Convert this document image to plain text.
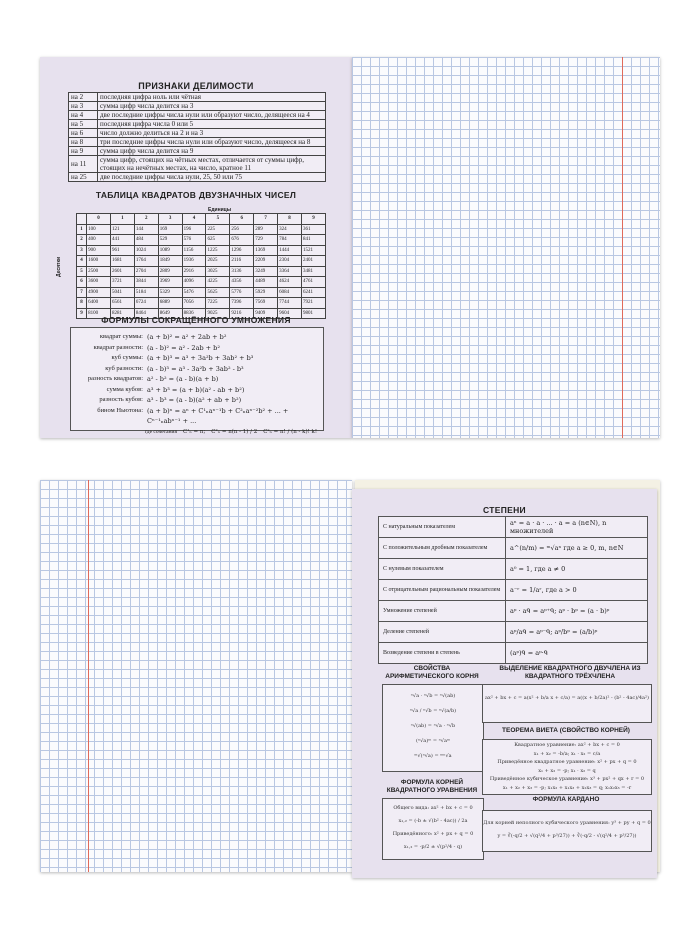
ПРИЗНАКИ ДЕЛИМОСТИ
на 2	последняя цифра ноль или чётная
на 3	сумма цифр числа делится на 3
на 4	две последние цифры числа нули или образуют число, делящееся на 4
на 5	последняя цифра числа 0 или 5
на 6	число должно делиться на 2 и на 3
на 8	три последние цифры числа нули или образуют число, делящееся на 8
на 9	сумма цифр числа делится на 9
на 11	сумма цифр, стоящих на чётных местах, отличается от суммы цифр, стоящих на нечётных местах, на число, кратное 11
на 25	две последние цифры числа нули, 25, 50 или 75
ТАБЛИЦА КВАДРАТОВ ДВУЗНАЧНЫХ ЧИСЕЛ
Единицы
Десятки
	0	1	2	3	4	5	6	7	8	9
1	100	121	144	169	196	225	256	289	324	361
2	400	441	484	529	576	625	676	729	784	841
3	900	961	1024	1089	1156	1225	1296	1369	1444	1521
4	1600	1681	1764	1849	1936	2025	2116	2209	2304	2401
5	2500	2601	2704	2809	2916	3025	3136	3249	3364	3481
6	3600	3721	3844	3969	4096	4225	4356	4489	4624	4761
7	4900	5041	5184	5329	5476	5625	5776	5929	6084	6241
8	6400	6561	6724	6889	7056	7225	7396	7569	7744	7921
9	8100	8281	8464	8649	8836	9025	9216	9409	9604	9801
ФОРМУЛЫ СОКРАЩЁННОГО УМНОЖЕНИЯ
квадрат суммы: (a + b)² = a² + 2ab + b²
квадрат разности: (a - b)² = a² - 2ab + b²
куб суммы: (a + b)³ = a³ + 3a²b + 3ab² + b³
куб разности: (a - b)³ = a³ - 3a²b + 3ab² - b³
разность квадратов: a² - b² = (a - b)(a + b)
сумма кубов: a³ + b³ = (a + b)(a² - ab + b²)
разность кубов: a³ - b³ = (a - b)(a² + ab + b²)
бином Ньютона: (a + b)ⁿ = aⁿ + C¹ₙaⁿ⁻¹b + C²ₙaⁿ⁻²b² + ... + Cⁿ⁻¹ₙabⁿ⁻¹ + ...
где сочетания	C¹ₙ = n;	C²ₙ = n(n - 1) / 2	Cᵏₙ = n! / (n - k)! k!
СТЕПЕНИ
С натуральным показателем	aⁿ = a · a · ... · a = a (n∈N), n множителей
С положительным дробным показателем	a^(n/m) = ᵐ√aⁿ где a ≥ 0, m, n∈N
С нулевым показателем	a⁰ = 1, где a ≠ 0
С отрицательным рациональным показателем	a⁻ʳ = 1/aʳ, где a > 0
Умножение степеней	aᵖ · aᑫ = aᵖ⁺ᑫ; aᵖ · bᵖ = (a · b)ᵖ
Деление степеней	aᵖ/aᑫ = aᵖ⁻ᑫ; aᵖ/bᵖ = (a/b)ᵖ
Возведение степени в степень	(aᵖ)ᑫ = aᵖ·ᑫ
СВОЙСТВА АРИФМЕТИЧЕСКОГО КОРНЯ
ⁿ√a · ⁿ√b = ⁿ√(ab)
ⁿ√a / ⁿ√b = ⁿ√(a/b)
ⁿ√(ab) = ⁿ√a · ⁿ√b
(ⁿ√a)ᵐ = ⁿ√aᵐ
ᵐ√(ⁿ√a) = ᵐⁿ√a
ВЫДЕЛЕНИЕ КВАДРАТНОГО ДВУЧЛЕНА ИЗ КВАДРАТНОГО ТРЁХЧЛЕНА
ax² + bx + c = a(x² + b/a x + c/a) = a((x + b/2a)² - (b² - 4ac)/4a²)
ТЕОРЕМА ВИЕТА (СВОЙСТВО КОРНЕЙ)
Квадратное уравнение: ax² + bx + c = 0
x₁ + x₂ = -b/a; x₁ · x₂ = c/a
Приведённое квадратное уравнение: x² + px + q = 0
x₁ + x₂ = -p; x₁ · x₂ = q
Приведённое кубическое уравнение: x³ + px² + qx + r = 0
x₁ + x₂ + x₃ = -p; x₁x₂ + x₁x₃ + x₂x₃ = q; x₁x₂x₃ = -r
ФОРМУЛА КОРНЕЙ КВАДРАТНОГО УРАВНЕНИЯ
Общего вида: ax² + bx + c = 0
x₁,₂ = (-b ± √(b² - 4ac)) / 2a
Приведённого: x² + px + q = 0
x₁,₂ = -p/2 ± √(p²/4 - q)
ФОРМУЛА КАРДАНО
Для корней неполного кубического уравнения: y³ + py + q = 0
y = ∛(-q/2 + √(q²/4 + p³/27)) + ∛(-q/2 - √(q²/4 + p³/27))
